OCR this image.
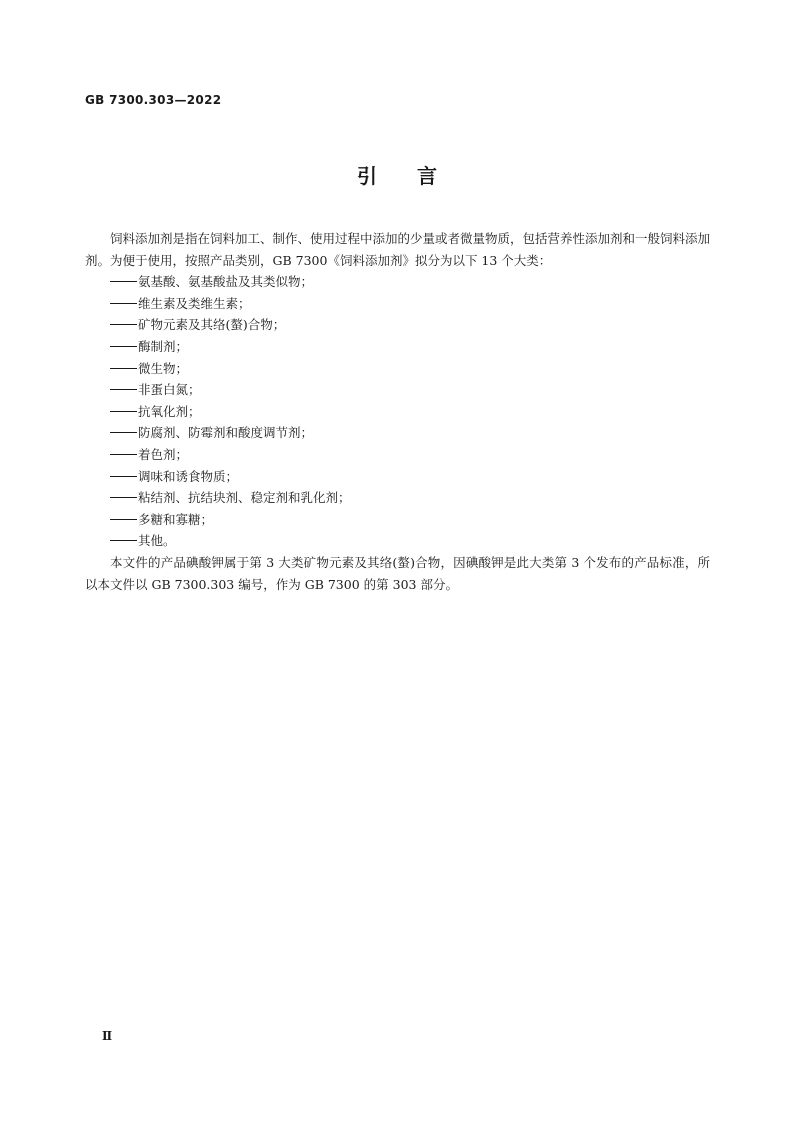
GB 7300.303—2022
引言

饲料添加剂是指在饲料加工、制作、使用过程中添加的少量或者微量物质，包括营养性添加剂和一般饲料添加剂。为便于使用，按照产品类别，GB 7300《饲料添加剂》拟分为以下 13 个大类：

氨基酸、氨基酸盐及其类似物；
维生素及类维生素；
矿物元素及其络(螯)合物；
酶制剂；
微生物；
非蛋白氮；
抗氧化剂；
防腐剂、防霉剂和酸度调节剂；
着色剂；
调味和诱食物质；
粘结剂、抗结块剂、稳定剂和乳化剂；
多糖和寡糖；
其他。

本文件的产品碘酸钾属于第 3 大类矿物元素及其络(螯)合物，因碘酸钾是此大类第 3 个发布的产品标准，所以本文件以 GB 7300.303 编号，作为 GB 7300 的第 303 部分。

Ⅱ
